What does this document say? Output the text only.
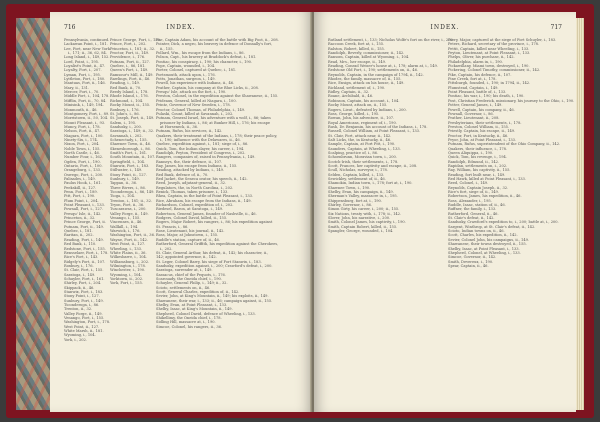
716	INDEX.
Pennsylvania, continued.
Lackawan Point, i., 181.
Lee, Fort, near New York
i., 171; ii., 36, 62, 84.
Long Island, i., 149, 152.
Lord, Point, i., 195.
Loyalist's Point, ii., 47.
Loyalty, Fort, i., 207.
Lyman, Fort, i., 195.
Lyttleton, Fort, i., 180.
Mantuas, Fort, ii., 146.
Mary, ii., 131.
Mercer, Fort, i., 70.
Middle Fort, i., 104, 178.
Mifflin, Fort, ii., 70, 84.
Minisink, i., 149, 194.
Monmouth, ii., 46.
Montgomery, Fort, i., 89.
Morristown, ii., 50, 104.
Mount Pleasant, i., 93.
Muncy, Fort, i., 178.
Nelson, Fort, ii., 47.
Niagara, Fort, i., 100.
Ninety-Six, i., 174.
Nixon, Fort, i., 204.
Noble Town, i., 155.
North Castle, i., 46.
Number Four, i., 162.
Ogden, Fort, i., 190.
Ontario, Fort, i., 100.
Orangeburg, i., 133.
Oswego, Fort, i., 200.
Palisades, i., 149.
Paulus Hook, i., 161.
Peekskill, ii., 127.
Penn, Fort, i., 189.
Pitt, Fort, i., 190.
Plum Point, i., 204.
Point Pleasant, i., 133.
Pownall, Fort, i., 127.
Presqu' Isle, ii., 142.
Princeton, ii., 32.
Prince George, Fort, ii.
Putnam, Fort, ii., 149.
Quebec, i., 181.
Raritan, ii., 202.
Reading, Fort, i., 149.
Red Bank, i., 110.
Redstone, Fort, i., 155.
Rensselaer, Fort, i., 178.
Rice's Fort, i., 143.
Ridgely's Fort, ii., 107.
Roxbury, i., 176.
St. Clair, Fort, i., 155.
Saratoga, i., 149.
Schuyler, Fort, i., 161.
Shirley, Fort, i., 204.
Skippack, ii., 46.
Stanwix, Fort, i., 183.
Stony Point, i., 127.
Sunbury, Fort, i., 149.
Ticonderoga, i., 86.
Trenton, ii., 32.
Valley Forge, ii., 149.
Venango, Fort, i., 155.
Washington, Fort, i., 178.
West Point, ii., 127.
White Marsh, ii., 181.
Wyoming, i., 104.
York, i., 202.
Prince George, Fort, i., 150.
Prince, Fort, i., 202.
Princeton, i., 181; ii., 32.
Proctor, Fort, ii., 149.
Providence, i., 176.
Putnam, Fort, ii., 127.
Quebec, i., 86, 181.
Queen's Fort, i., 149.
Ramsour's Mill, ii., 149.
Rawlings, Fort, ii., 46.
Reading, i., 149.
Red Bank, ii., 70.
Reedy Island, i., 178.
Rhode Island, i., 176.
Richmond, i., 104.
Rocky Mount, ii., 155.
Roxbury, i., 176.
St. John's, i., 86.
St. Joseph, Fort, ii., 149.
Salem, i., 195.
Sandusky, i., 200.
Saratoga, i., 149; ii., 32.
Savannah, i., 202.
Schenectady, i., 155.
Shawnee Town, ii., 46.
Skenesborough, i., 86.
Smith's Fort, i., 161.
South Mountain, ii., 107.
Springfield, i., 104.
Stanwix, Fort, i., 183.
Stillwater, i., 149.
Stony Point, ii., 127.
Sunbury, i., 149.
Tappan, ii., 36.
Three Rivers, i., 86.
Ticonderoga, i., 86, 149.
Tioga, i., 104.
Trenton, i., 181; ii., 32.
Tryon, Fort, ii., 36.
Tuscarawas, i., 200.
Valley Forge, ii., 149.
Venango, i., 155.
Vincennes, ii., 46.
Wallkill, i., 194.
Warwick, i., 176.
Washington, Fort, ii., 36.
Wayne, Fort, ii., 142.
West Point, ii., 127.
Wheeling, i., 133.
White Plains, ii., 36.
Wilkesbarre, i., 104.
Williamsburg, i., 202.
Wilmington, i., 178.
Winchester, i., 190.
Wyoming, i., 104.
Yorktown, ii., 202.
York, Fort, i., 155.
Poe, Captain Adam, his account of the battle with Big Foot, ii., 208.
Pointer, Dick, a negro, his bravery in defence of Donnally's fort,
ii., 155.
Pollard, Wm., his escape from the Indians, i., 86.
Polson, Capt., his bravery at Braddock's defeat, i., 181.
Pontiac, his conspiracy, i., 190; his character, i., 190.
Pope, Captain, wounded, i., 104.
Porter, Colonel, captured at Quebec, i., 181.
Portsmouth, attack upon, i., 176.
Potts, Jonathan, surgeon, i., 149.
Powell, his experience with Indians, ii., 46.
Prather, Captain, his company at the Blue Licks, ii., 208.
Presqu' Isle, attack on the fort, i., 190.
Preston, Colonel, in the expedition against the Shawanese, ii., 155.
Prideaux, General, killed at Niagara, i., 100.
Printz, Governor of New Sweden, i., 178.
Proctor, Colonel Thomas, of Philadelphia, i., 149.
Pulaski, Count, killed at Savannah, i., 202.
Putnam, General Israel, his adventure with a wolf, i., 86; taken
prisoner by Indians, i., 86; at Bunker Hill, i., 176; his escape
at Horseneck, ii., 36.
Putnam, Rufus, his services, ii., 142.
Quakers, their treatment of the Indians, i., 178; their peace policy,
i., 190; influence with the Delawares, ii., 46.
Quebec, expedition against, i., 181; siege of, i., 86.
Quick, Tom, the Indian slayer, his career, i., 194.
Randolph, Peyton, President of Congress, i., 202.
Rangers, companies of, raised in Pennsylvania, i., 149.
Ranneys, the, their defence, ii., 107.
Ray, James, his escape from Indians, ii., 155.
Reading, attacked by Indians, i., 149.
Red Bank, defence of, ii., 70.
Red Jacket, the Seneca orator, his speech, ii., 142.
Reed, Joseph, adjutant-general, ii., 32.
Regulators, the, in North Carolina, i., 202.
Renick, Thomas, taken prisoner, i., 133.
Rhea, Captain, in the battle of Point Pleasant, i., 133.
Rice, Abraham, his escape from the Indians, ii., 149.
Richardson, Colonel, expedition of, i., 202.
Riedesel, Baron, at Saratoga, i., 149.
Robertson, General James, founder of Nashville, ii., 46.
Rodgers, Colonel David, killed, ii., 155.
Rogers, Major Robert, his rangers, i., 86; his expedition against
St. Francis, i., 86.
Rose, Lieutenant, his journal, ii., 142.
Ross, Major, at Johnstown, i., 155.
Ruddle's station, capture of, ii., 46.
Rutherford, General Griffith, his expedition against the Cherokees,
i., 202.
St. Clair, General Arthur, his defeat, ii., 142; his character, ii.,
142; appointed governor, ii., 142.
St. Leger, Colonel Barry, his siege of Fort Stanwix, i., 183.
Sandusky, expedition against, i., 200; Crawford's defeat, i., 200.
Saratoga, surrender at, i., 149.
Sassacus, chief of the Pequots, i., 176.
Scarouady, the Oneida chief, i., 190.
Schuyler, General Philip, i., 149; ii., 32.
Scioto, settlements on, ii., 46.
Scott, General Charles, expedition of, ii., 142.
Sevier, John, at King's Mountain, ii., 149; his exploits, ii., 149.
Shawanese, their war, i., 133; ii., 46; campaign against, ii., 155.
Shelby, Evan, at Point Pleasant, i., 133.
Shelby, Isaac, at King's Mountain, ii., 149.
Shepherd, Colonel David, defence of Wheeling, i., 133.
Shikellimy, the Oneida chief, i., 178.
Sidling Hill, massacre at, i., 190.
Simcoe, Colonel, his rangers, ii., 36.
INDEX.	717
Rutland settlement, i., 133; Nicholas Wolfe's fort on the river, i., 202.
Raccoon Creek, fort at, i., 155.
Ralston, Robert, killed, ii., 155.
Randolph, Beverly, commissioner, ii., 142.
Ransom, Captain, killed at Wyoming, i., 104.
Read, Mrs., her escape, ii., 149.
Reading, Conrad Weiser's house at, i., 178; alarm at, i., 149.
Redstone Old Fort, i., 190; settlements on, ii., 46.
Reynolds, Captain, in the campaign of 1794, ii., 142.
Rhodes, the family, massacre of, ii., 155.
Rice, Ensign, attack on his house, ii., 149.
Richland, settlement of, i., 190.
Ridley, Captain, ii., 32.
Roane, Archibald, ii., 46.
Robinson, Captain, his account, i., 104.
Rocky Mount, attack on, ii., 155.
Rogers, Lieut., defeated by Indians, i., 200.
Ross, George, killed, i., 195.
Rowan, John, his adventure, ii., 107.
Royal Americans, regiment of, i., 190.
Rush, Dr. Benjamin, his account of the Indians, i., 178.
Russell, Colonel William, at Point Pleasant, i., 133.
St. Clair, Fort, attack near, ii., 142.
Salt Licks, the, in Kentucky, ii., 46.
Sample, Captain, at Fort Pitt, i., 190.
Saunders, Captain, at Wheeling, i., 133.
Scalping, practice of, i., 86.
Schoenbrunn, Moravian town, i., 200.
Scotch-Irish, their settlements, i., 178.
Scott, Frances, her captivity and escape, ii., 208.
Scull, Nicholas, surveyor, i., 178.
Selden, Captain, killed, i., 133.
Sewickley, settlement of, ii., 46.
Shamokin, Indian town, i., 178; fort at, i., 190.
Shawnee Town, i., 190.
Shelby, Evan, his campaign, ii., 149.
Sherman's Valley, massacre in, i., 195.
Shippensburg, fort at, i., 190.
Shirley, Governor, i., 86.
Simon Girty, his career, i., 200; ii., 155.
Six Nations, treaty with, i., 178; ii., 142.
Slover, John, his narrative, i., 200.
Smith, Colonel James, his captivity, i., 190.
Smith, Captain Robert, killed, ii., 155.
Spangler, George, wounded, i., 104.
Perry, Major, captured at the siege of Fort Schuyler, i., 183.
Peters, Richard, secretary of the province, i., 178.
Pettit, Captain, killed near Wheeling, i., 133.
Peyton, Lieutenant, at Point Pleasant, i., 133.
Phelps, Oliver, his purchase, ii., 142.
Philadelphia, alarm in, i., 190.
Pickawillany, Miami town, destroyed, i., 190.
Pickering, Colonel Timothy, commissioner, ii., 142.
Pike, Captain, his defence, ii., 107.
Pine Creek, fort at, i., 178.
Pittsburgh, founded, i., 190; in 1794, ii., 142.
Plumstead, Captain, i., 149.
Point Pleasant, battle of, i., 133.
Pontiac, his war, i., 190; his death, i., 190.
Post, Christian Frederick, missionary, his journey to the Ohio, i., 190.
Potter, General James, i., 149.
Powell, Captain, his company, ii., 46.
Pownall, Governor, i., 86.
Prather, Lieutenant, ii., 208.
Presbyterians, their settlements, i., 178.
Preston, Colonel William, ii., 155.
Priestly, Captain, his escape, ii., 149.
Proctor, Fort, in Kentucky, ii., 46.
Pryor, John, at Point Pleasant, i., 133.
Putnam, Rufus, superintendent of the Ohio Company, ii., 142.
Quakers, their influence, i., 178.
Queen Aliquippa, i., 190.
Quick, Tom, his revenge, i., 194.
Randolph, Edmund, ii., 142.
Rapidan, settlements on, i., 202.
Ray, William, his captivity, ii., 155.
Reading, fort built near, i., 149.
Red Hawk, killed at Point Pleasant, i., 133.
Reed, Colonel, i., 149.
Reynolds, Captain Joseph, ii., 32.
Rice's fort, siege of, ii., 149.
Robertson, James, his expedition, ii., 46.
Ross, Alexander, i., 195.
Ruddle, Isaac, station of, ii., 46.
Ruffner, the family, i., 133.
Rutherford, General, ii., 46.
St. Clair's defeat, ii., 142.
Sandusky, Crawford's expedition to, i., 200; battle at, i., 200.
Sargent, Winthrop, at St. Clair's defeat, ii., 142.
Scioto, Indian towns on, ii., 46.
Scott, Charles, his expedition, ii., 142.
Sevier, Colonel John, his campaigns, ii., 149.
Shawanese, their towns destroyed, ii., 155.
Shelby, Isaac, at Point Pleasant, i., 133.
Shepherd, Colonel, at Wheeling, i., 133.
Simcoe, Governor, ii., 142.
Smith, Devereux, i., 190.
Spear, Captain, ii., 46.
